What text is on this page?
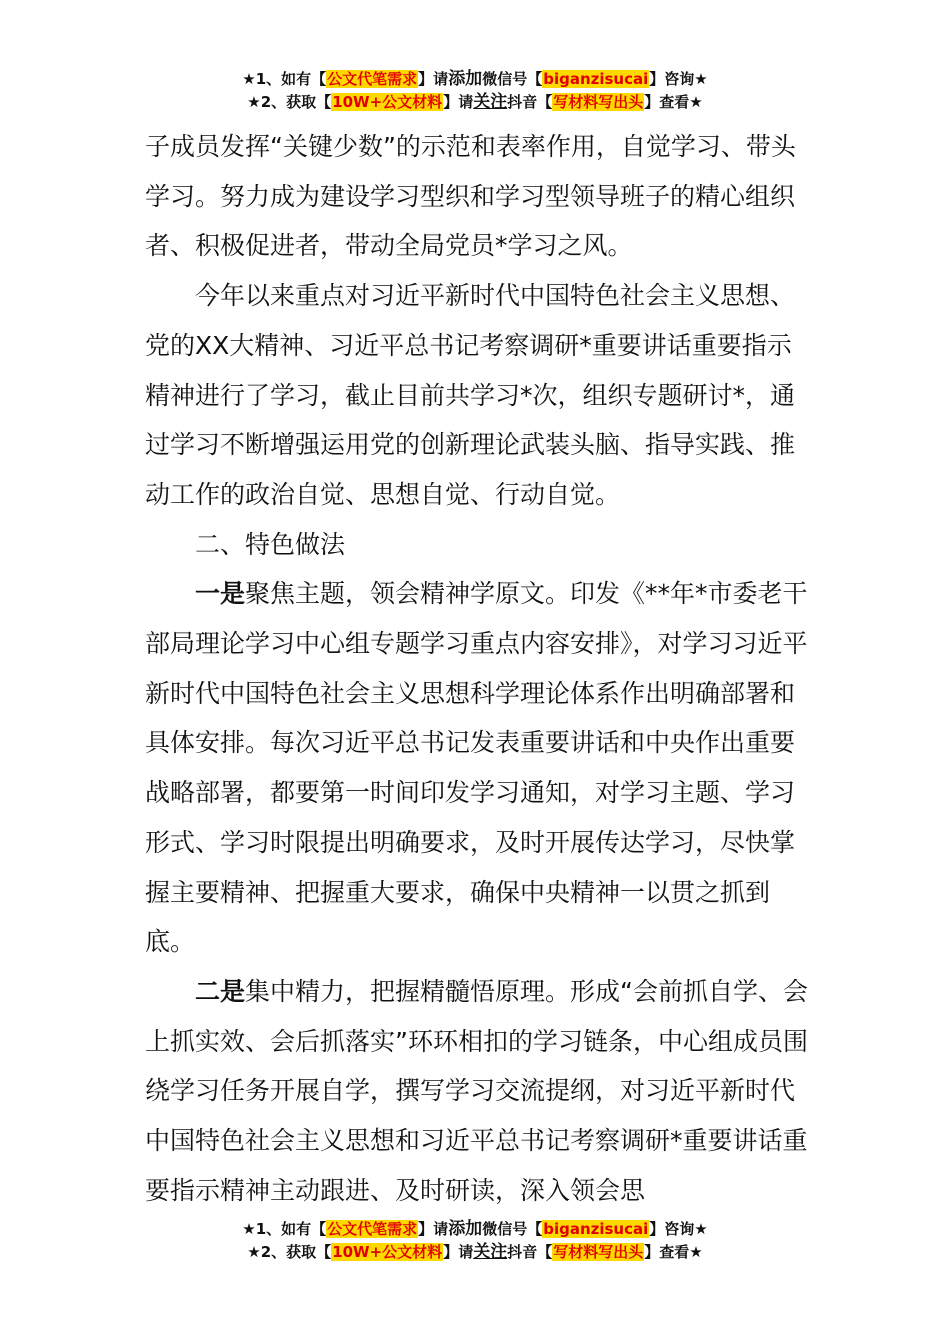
★1、如有【公文代笔需求】请添加微信号【biganzisucai】咨询★
★2、获取【10W+公文材料】请关注抖音【写材料写出头】查看★

子成员发挥“关键少数”的示范和表率作用，自觉学习、带头学习。努力成为建设学习型织和学习型领导班子的精心组织者、积极促进者，带动全局党员*学习之风。

今年以来重点对习近平新时代中国特色社会主义思想、党的XX大精神、习近平总书记考察调研*重要讲话重要指示精神进行了学习，截止目前共学习*次，组织专题研讨*，通过学习不断增强运用党的创新理论武装头脑、指导实践、推动工作的政治自觉、思想自觉、行动自觉。

二、特色做法

一是聚焦主题，领会精神学原文。印发《**年*市委老干部局理论学习中心组专题学习重点内容安排》，对学习习近平新时代中国特色社会主义思想科学理论体系作出明确部署和具体安排。每次习近平总书记发表重要讲话和中央作出重要战略部署，都要第一时间印发学习通知，对学习主题、学习形式、学习时限提出明确要求，及时开展传达学习，尽快掌握主要精神、把握重大要求，确保中央精神一以贯之抓到底。

二是集中精力，把握精髓悟原理。形成“会前抓自学、会上抓实效、会后抓落实”环环相扣的学习链条，中心组成员围绕学习任务开展自学，撰写学习交流提纲，对习近平新时代中国特色社会主义思想和习近平总书记考察调研*重要讲话重要指示精神主动跟进、及时研读，深入领会思

★1、如有【公文代笔需求】请添加微信号【biganzisucai】咨询★
★2、获取【10W+公文材料】请关注抖音【写材料写出头】查看★
